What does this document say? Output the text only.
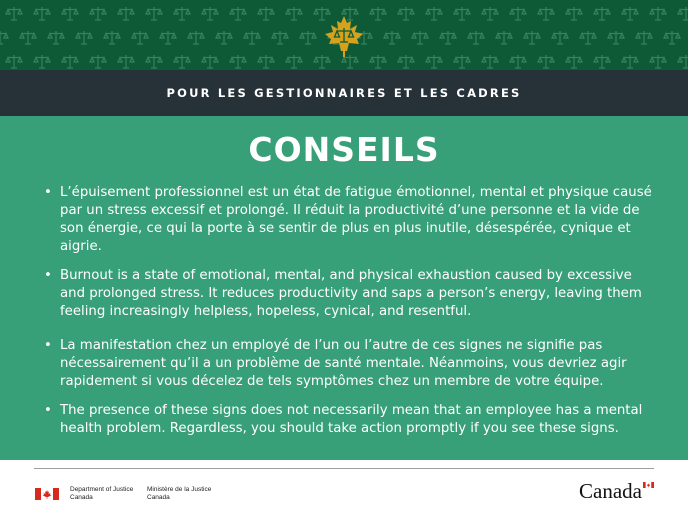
POUR LES GESTIONNAIRES ET LES CADRES
CONSEILS
• L’épuisement professionnel est un état de fatigue émotionnel, mental et physique causé par un stress excessif et prolongé. Il réduit la productivité d’une personne et la vide de son énergie, ce qui la porte à se sentir de plus en plus inutile, désespérée, cynique et aigrie.
• Burnout is a state of emotional, mental, and physical exhaustion caused by excessive and prolonged stress. It reduces productivity and saps a person’s energy, leaving them feeling increasingly helpless, hopeless, cynical, and resentful.
• La manifestation chez un employé de l’un ou l’autre de ces signes ne signifie pas nécessairement qu’il a un problème de santé mentale. Néanmoins, vous devriez agir rapidement si vous décelez de tels symptômes chez un membre de votre équipe.
• The presence of these signs does not necessarily mean that an employee has a mental health problem. Regardless, you should take action promptly if you see these signs.
Department of Justice
Canada
Ministère de la Justice
Canada	Canada
